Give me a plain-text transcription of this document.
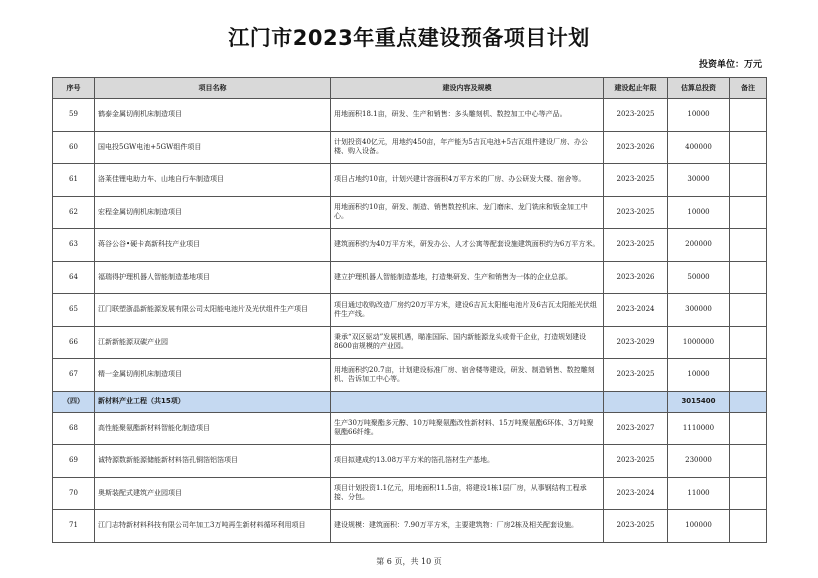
江门市2023年重点建设预备项目计划
投资单位：万元
序号	项目名称	建设内容及规模	建设起止年限	估算总投资	备注
59	鹤泰金属切削机床制造项目	用地面积18.1亩，研发、生产和销售：多头雕刻机、数控加工中心等产品。	2023-2025	10000	
60	国电投5GW电池+5GW组件项目	计划投资40亿元，用地约450亩，年产能为5吉瓦电池+5吉瓦组件建设厂房、办公楼、购入设备。	2023-2026	400000	
61	洛莱佳锂电助力车、山地自行车制造项目	项目占地约10亩，计划兴建计容面积4万平方米的厂房、办公研发大楼、宿舍等。	2023-2025	30000	
62	宏程金属切削机床制造项目	用地面积约10亩，研发、制造、销售数控机床、龙门磨床、龙门铣床和钣金加工中心。	2023-2025	10000	
63	蒋谷公谷•硬卡高新科技产业项目	建筑面积约为40万平方米，研发办公、人才公寓等配套设施建筑面积约为6万平方米。	2023-2025	200000	
64	福瑞得护理机器人智能制造基地项目	建立护理机器人智能制造基地，打造集研发、生产和销售为一体的企业总部。	2023-2026	50000	
65	江门联塑浙晶新能源发展有限公司太阳能电池片及光伏组件生产项目	项目通过收购改造厂房约20万平方米，建设6吉瓦太阳能电池片及6吉瓦太阳能光伏组件生产线。	2023-2024	300000	
66	江新新能源双碳产业园	秉承“双区驱动”发展机遇，瞄准国际、国内新能源龙头或骨干企业，打造规划建设8600亩规模的产业园。	2023-2029	1000000	
67	精一金属切削机床制造项目	用地面积约20.7亩，计划建设标准厂房、宿舍楼等建设，研发、制造销售、数控雕刻机、告诉加工中心等。	2023-2025	10000	
（四）	新材料产业工程（共15项）			3015400	
68	高性能聚氨酯新材料智能化制造项目	生产30万吨聚酯多元醇、10万吨聚氨酯改性新材料、15万吨聚氨酯6环体、3万吨聚氨酯66纤维。	2023-2027	1110000	
69	诚特源数新能源储能新材料箔孔铜箔铝箔项目	项目拟建成约13.08万平方米的箔孔箔材生产基地。	2023-2025	230000	
70	奥斯装配式建筑产业园项目	项目计划投资1.1亿元，用地面积11.5亩，将建设1栋1层厂房，从事钢结构工程承接、分包。	2023-2024	11000	
71	江门志特新材料科技有限公司年加工3万吨再生新材料循环利用项目	建设规模：建筑面积：7.90万平方米，主要建筑物：厂房2栋及相关配套设施。	2023-2025	100000	
第 6 页，共 10 页
